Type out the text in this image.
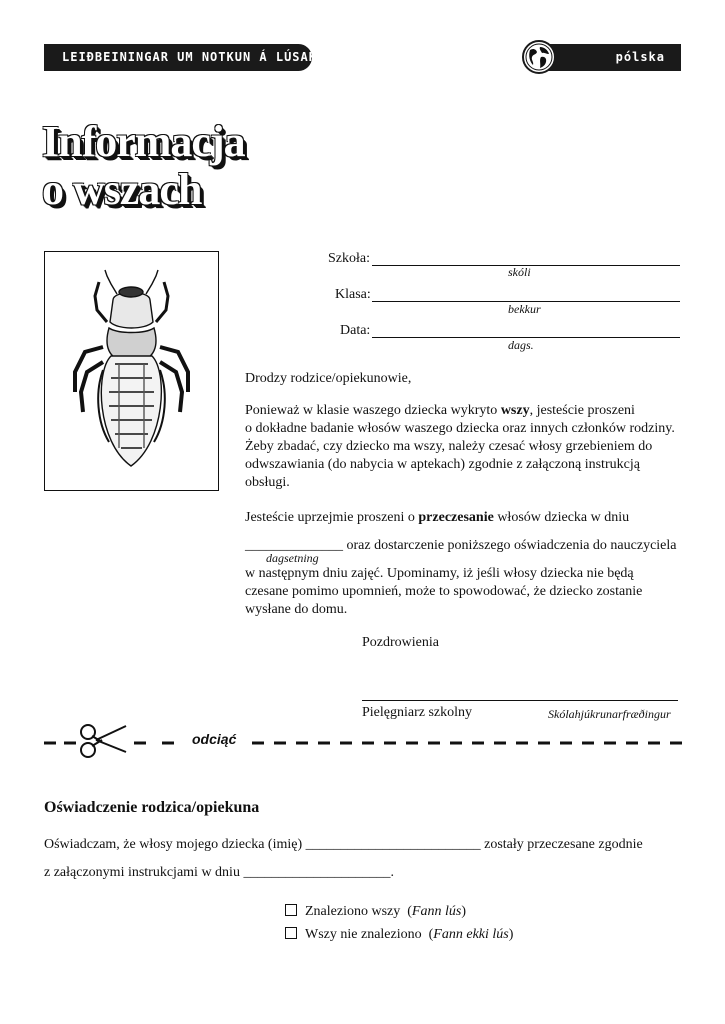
LEIÐBEININGAR UM NOTKUN Á LÚSAKAMBI	pólska
Informacja
o wszach
Szkoła:
skóli
Klasa:
bekkur
Data:
dags.
Drodzy rodzice/opiekunowie,
Ponieważ w klasie waszego dziecka wykryto wszy, jesteście proszeni
o dokładne badanie włosów waszego dziecka oraz innych członków rodziny.
Żeby zbadać, czy dziecko ma wszy, należy czesać włosy grzebieniem do
odwszawiania (do nabycia w aptekach) zgodnie z załączoną instrukcją
obsługi.
Jesteście uprzejmie proszeni o przeczesanie włosów dziecka w dniu
______________ oraz dostarczenie poniższego oświadczenia do nauczyciela
dagsetning
w następnym dniu zajęć. Upominamy, iż jeśli włosy dziecka nie będą
czesane pomimo upomnień, może to spowodować, że dziecko zostanie
wysłane do domu.
Pozdrowienia
Pielęgniarz szkolny	Skólahjúkrunarfræðingur
odciąć
Oświadczenie rodzica/opiekuna
Oświadczam, że włosy mojego dziecka (imię) _________________________ zostały przeczesane zgodnie
z załączonymi instrukcjami w dniu _____________________.
Znaleziono wszy  (Fann lús)
Wszy nie znaleziono  (Fann ekki lús)
